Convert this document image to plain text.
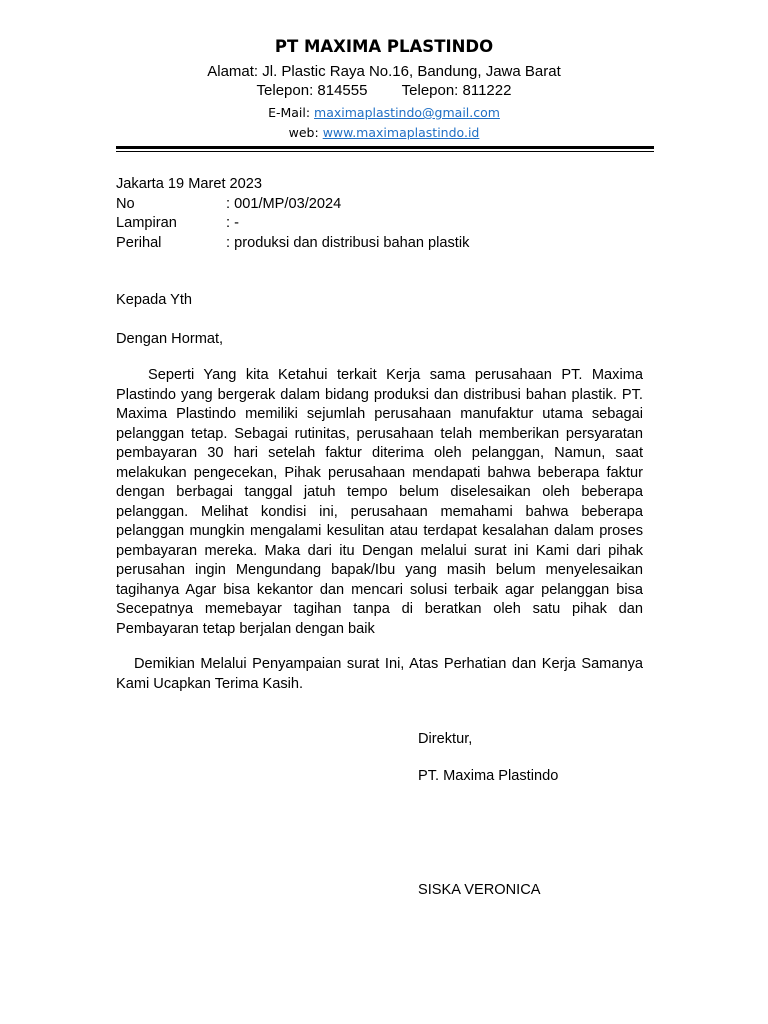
PT MAXIMA PLASTINDO
Alamat: Jl. Plastic Raya No.16, Bandung, Jawa Barat
Telepon: 814555 Telepon: 811222
E-Mail: maximaplastindo@gmail.com
web: www.maximaplastindo.id
Jakarta 19 Maret 2023
No	: 001/MP/03/2024
Lampiran	: -
Perihal	: produksi dan distribusi bahan plastik
Kepada Yth
Dengan Hormat,
Seperti Yang kita Ketahui terkait Kerja sama perusahaan PT. Maxima Plastindo yang bergerak dalam bidang produksi dan distribusi bahan plastik. PT. Maxima Plastindo memiliki sejumlah perusahaan manufaktur utama sebagai pelanggan tetap. Sebagai rutinitas, perusahaan telah memberikan persyaratan pembayaran 30 hari setelah faktur diterima oleh pelanggan, Namun, saat melakukan pengecekan, Pihak perusahaan mendapati bahwa beberapa faktur dengan berbagai tanggal jatuh tempo belum diselesaikan oleh beberapa pelanggan. Melihat kondisi ini, perusahaan memahami bahwa beberapa pelanggan mungkin mengalami kesulitan atau terdapat kesalahan dalam proses pembayaran mereka. Maka dari itu Dengan melalui surat ini Kami dari pihak perusahan ingin Mengundang bapak/Ibu yang masih belum menyelesaikan tagihanya Agar bisa kekantor dan mencari solusi terbaik agar pelanggan bisa Secepatnya memebayar tagihan tanpa di beratkan oleh satu pihak dan Pembayaran tetap berjalan dengan baik
Demikian Melalui Penyampaian surat Ini, Atas Perhatian dan Kerja Samanya Kami Ucapkan Terima Kasih.
Direktur,
PT. Maxima Plastindo
SISKA VERONICA
